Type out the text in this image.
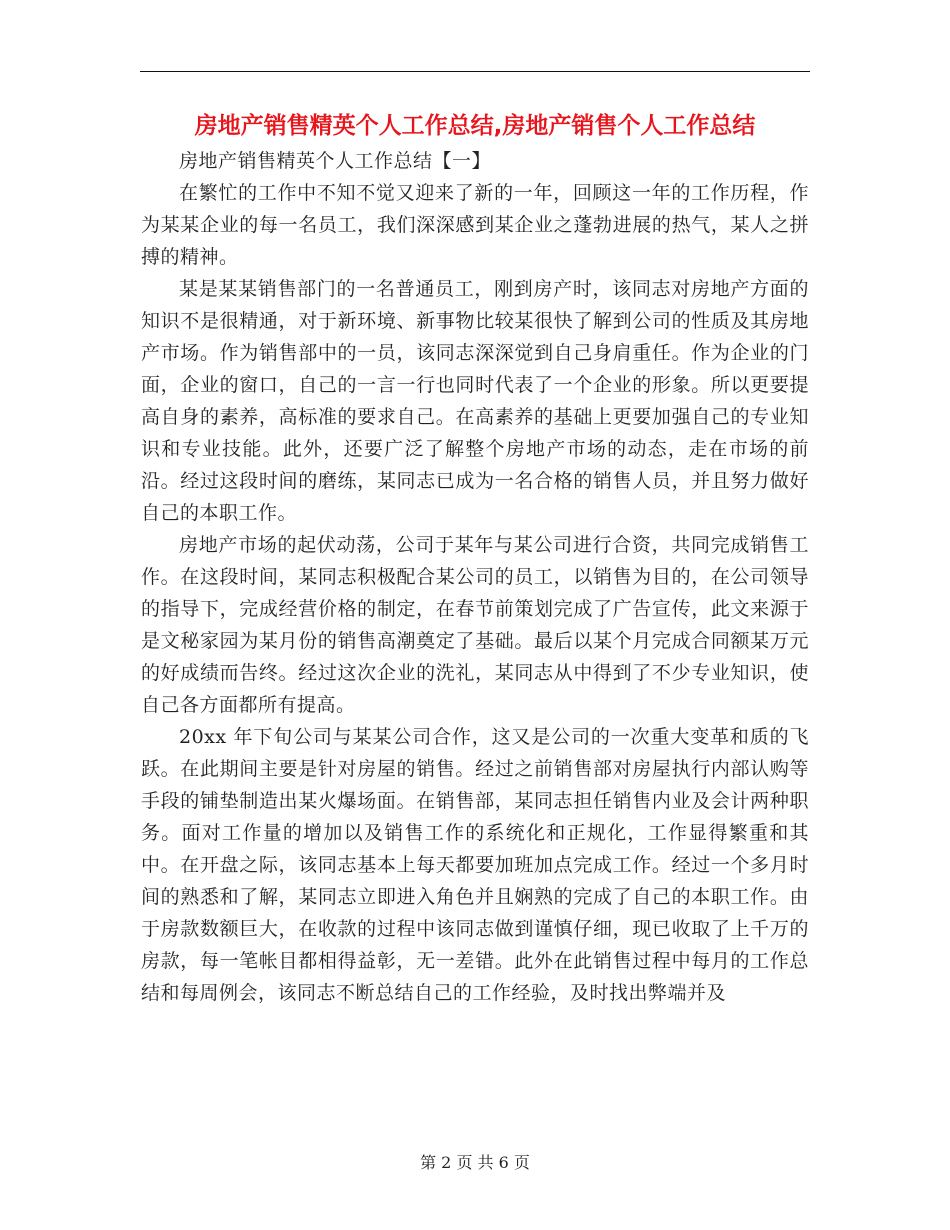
房地产销售精英个人工作总结,房地产销售个人工作总结

房地产销售精英个人工作总结【一】

在繁忙的工作中不知不觉又迎来了新的一年，回顾这一年的工作历程，作为某某企业的每一名员工，我们深深感到某企业之蓬勃进展的热气，某人之拼搏的精神。

某是某某销售部门的一名普通员工，刚到房产时，该同志对房地产方面的知识不是很精通，对于新环境、新事物比较某很快了解到公司的性质及其房地产市场。作为销售部中的一员，该同志深深觉到自己身肩重任。作为企业的门面，企业的窗口，自己的一言一行也同时代表了一个企业的形象。所以更要提高自身的素养，高标准的要求自己。在高素养的基础上更要加强自己的专业知识和专业技能。此外，还要广泛了解整个房地产市场的动态，走在市场的前沿。经过这段时间的磨练，某同志已成为一名合格的销售人员，并且努力做好自己的本职工作。

房地产市场的起伏动荡，公司于某年与某公司进行合资，共同完成销售工作。在这段时间，某同志积极配合某公司的员工，以销售为目的，在公司领导的指导下，完成经营价格的制定，在春节前策划完成了广告宣传，此文来源于是文秘家园为某月份的销售高潮奠定了基础。最后以某个月完成合同额某万元的好成绩而告终。经过这次企业的洗礼，某同志从中得到了不少专业知识，使自己各方面都所有提高。

20xx 年下旬公司与某某公司合作，这又是公司的一次重大变革和质的飞跃。在此期间主要是针对房屋的销售。经过之前销售部对房屋执行内部认购等手段的铺垫制造出某火爆场面。在销售部，某同志担任销售内业及会计两种职务。面对工作量的增加以及销售工作的系统化和正规化，工作显得繁重和其中。在开盘之际，该同志基本上每天都要加班加点完成工作。经过一个多月时间的熟悉和了解，某同志立即进入角色并且娴熟的完成了自己的本职工作。由于房款数额巨大，在收款的过程中该同志做到谨慎仔细，现已收取了上千万的房款，每一笔帐目都相得益彰，无一差错。此外在此销售过程中每月的工作总结和每周例会，该同志不断总结自己的工作经验，及时找出弊端并及

第 2 页 共 6 页
